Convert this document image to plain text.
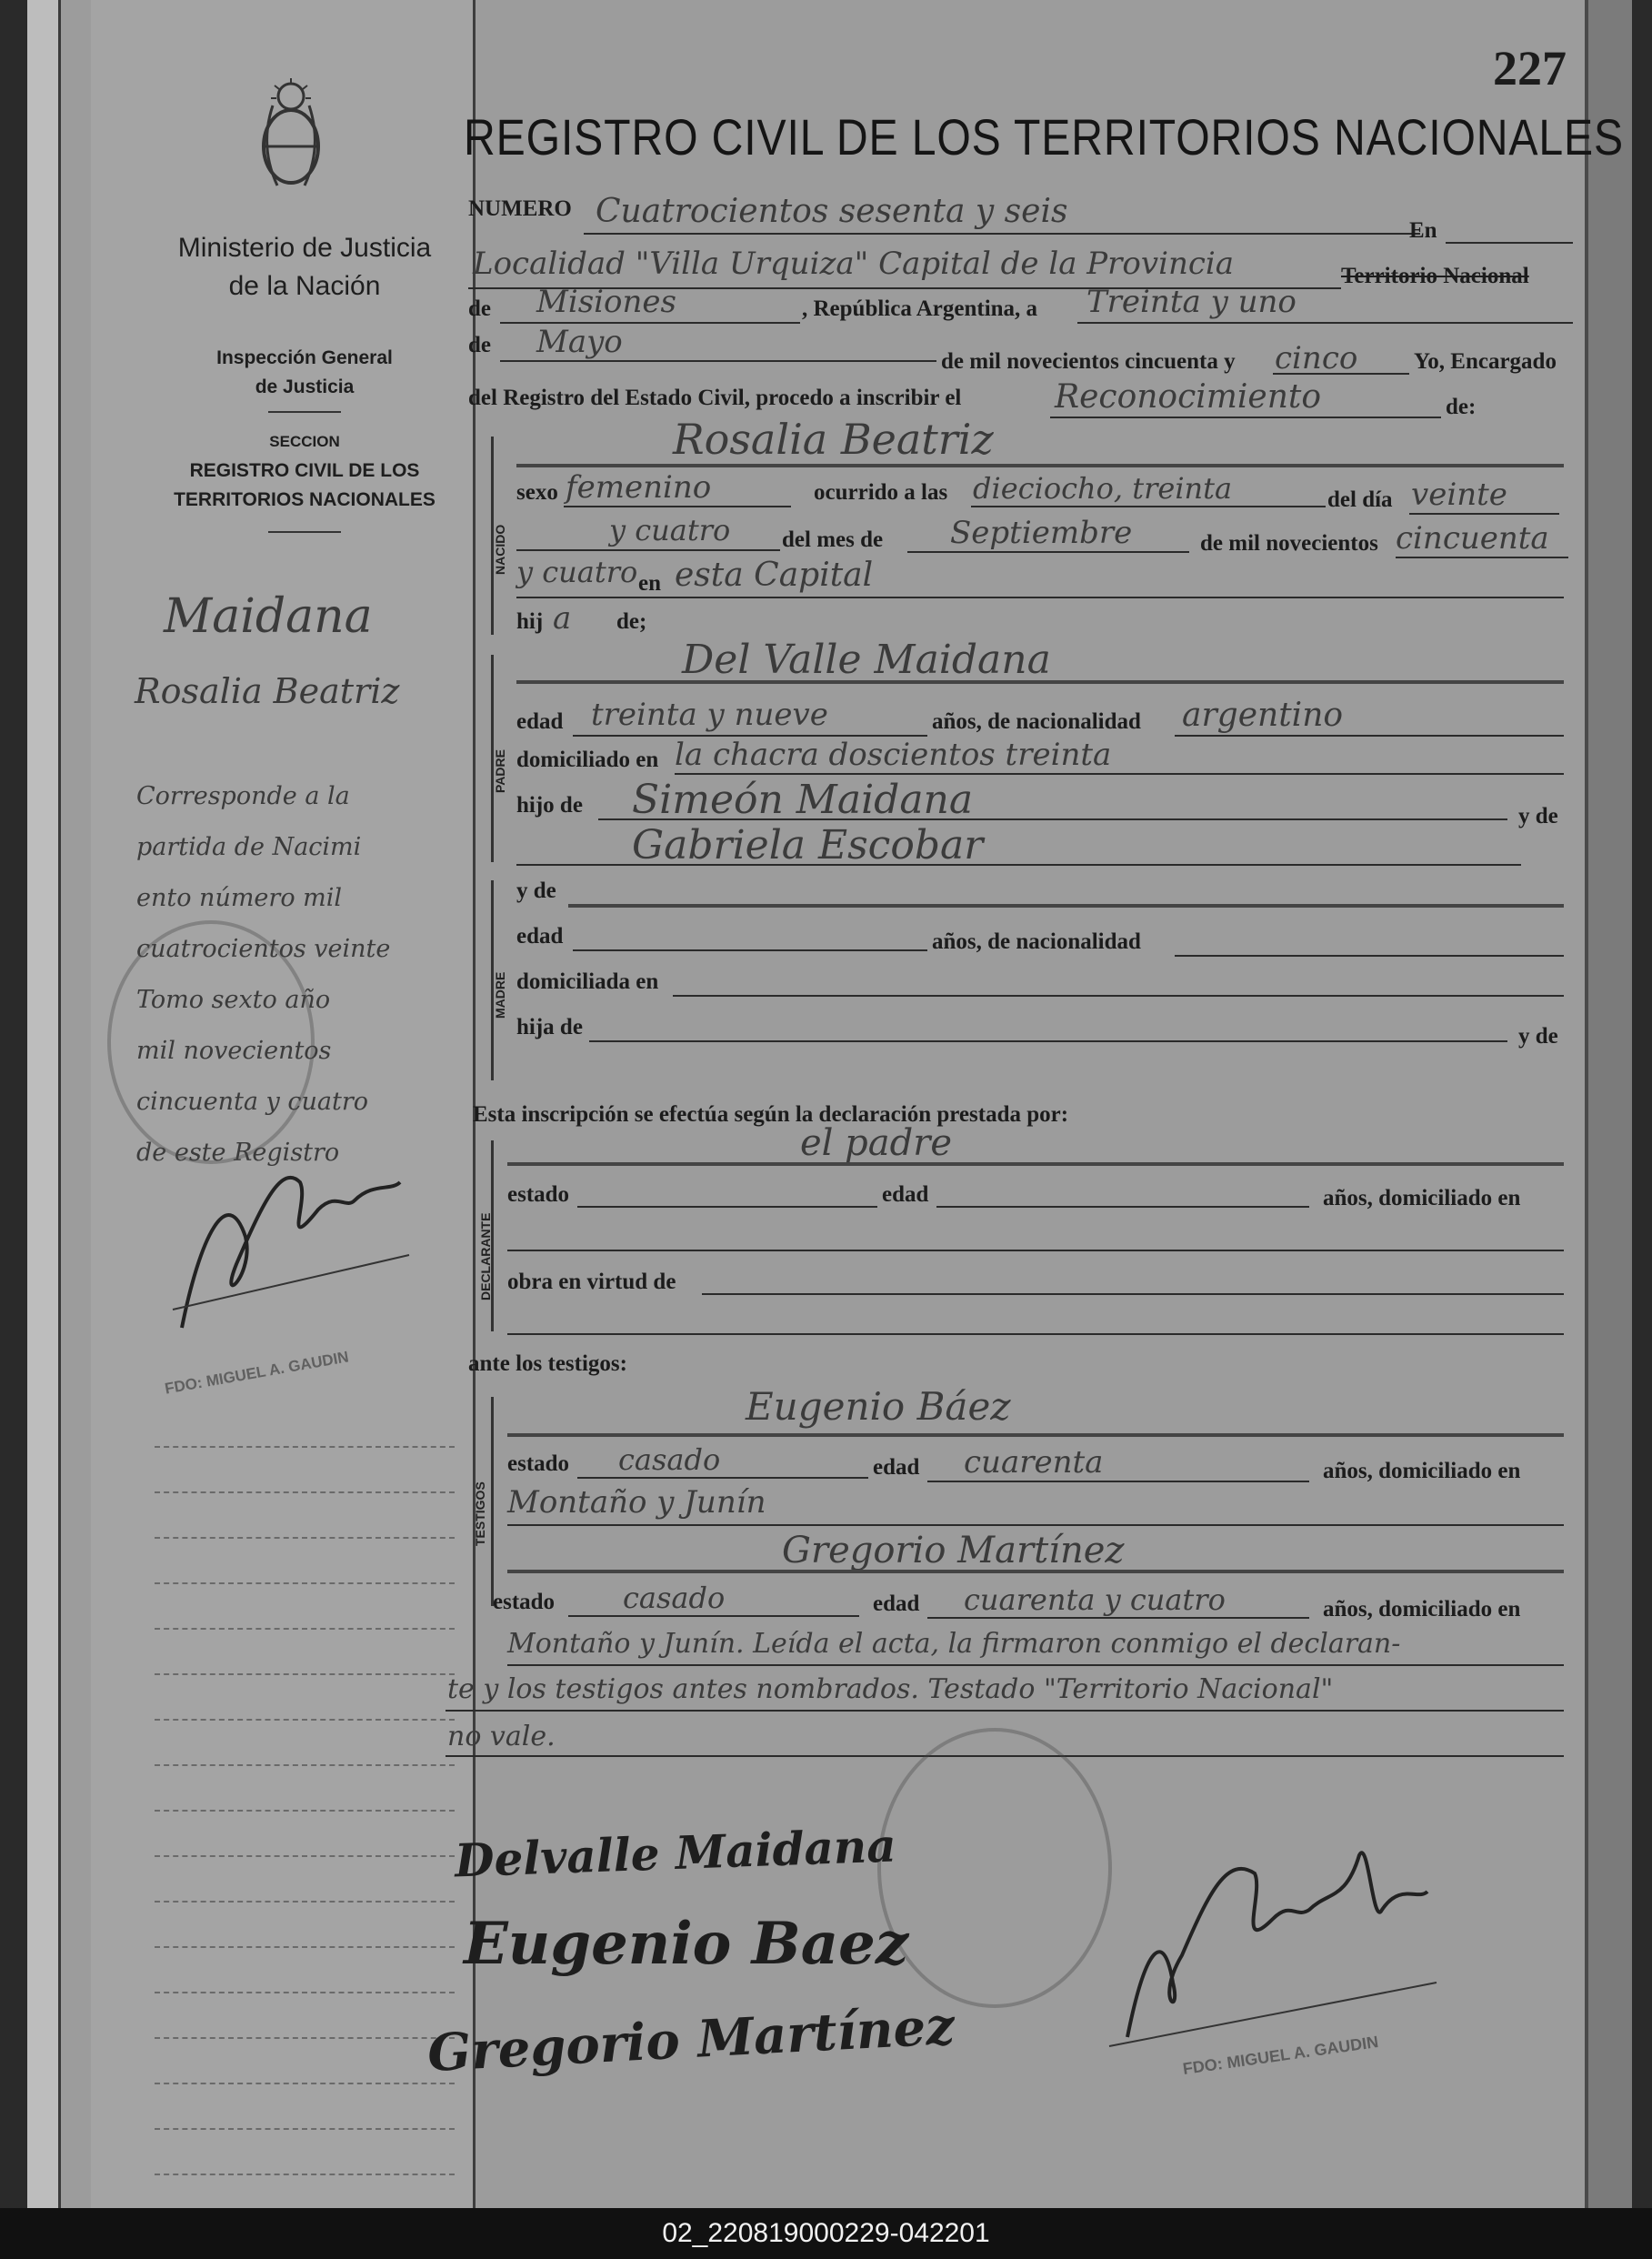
227
Ministerio de Justicia
de la Nación
Inspección General
de Justicia
SECCION
REGISTRO CIVIL DE LOS
TERRITORIOS NACIONALES
Maidana
Rosalia Beatriz
Corresponde a la
partida de Nacimi
ento número mil
cuatrocientos veinte
Tomo sexto año
mil novecientos
cincuenta y cuatro
de este Registro
FDO: MIGUEL A. GAUDIN
REGISTRO CIVIL DE LOS TERRITORIOS NACIONALES
NUMERO Cuatrocientos sesenta y seis
En
Localidad "Villa Urquiza" Capital de la Provincia	Territorio Nacional
de Misiones	, República Argentina, a Treinta y uno
de Mayo
de mil novecientos cincuenta y cinco Yo, Encargado
del Registro del Estado Civil, procedo a inscribir el	Reconocimiento	de:
NACIDO
Rosalia Beatriz
sexo femenino	ocurrido a las dieciocho, treinta	del día veinte
y cuatro del mes de Septiembre	de mil novecientos cincuenta
y cuatro en esta Capital
hij a de;
PADRE
Del Valle Maidana
edad treinta y nueve	años, de nacionalidad argentino
domiciliado en la chacra doscientos treinta
hijo de Simeón Maidana	y de
Gabriela Escobar
MADRE
y de
edad	años, de nacionalidad
domiciliada en
hija de	y de
Esta inscripción se efectúa según la declaración prestada por:
DECLARANTE
el padre
estado	edad	años, domiciliado en
obra en virtud de
ante los testigos:
TESTIGOS
Eugenio Báez
estado casado	edad cuarenta	años, domiciliado en
Montaño y Junín
Gregorio Martínez
estado casado	edad cuarenta y cuatro	años, domiciliado en
Montaño y Junín. Leída el acta, la firmaron conmigo el declaran-
te y los testigos antes nombrados. Testado "Territorio Nacional"
no vale.
Delvalle Maidana
Eugenio Baez
Gregorio Martínez	FDO: MIGUEL A. GAUDIN
02_220819000229-042201
